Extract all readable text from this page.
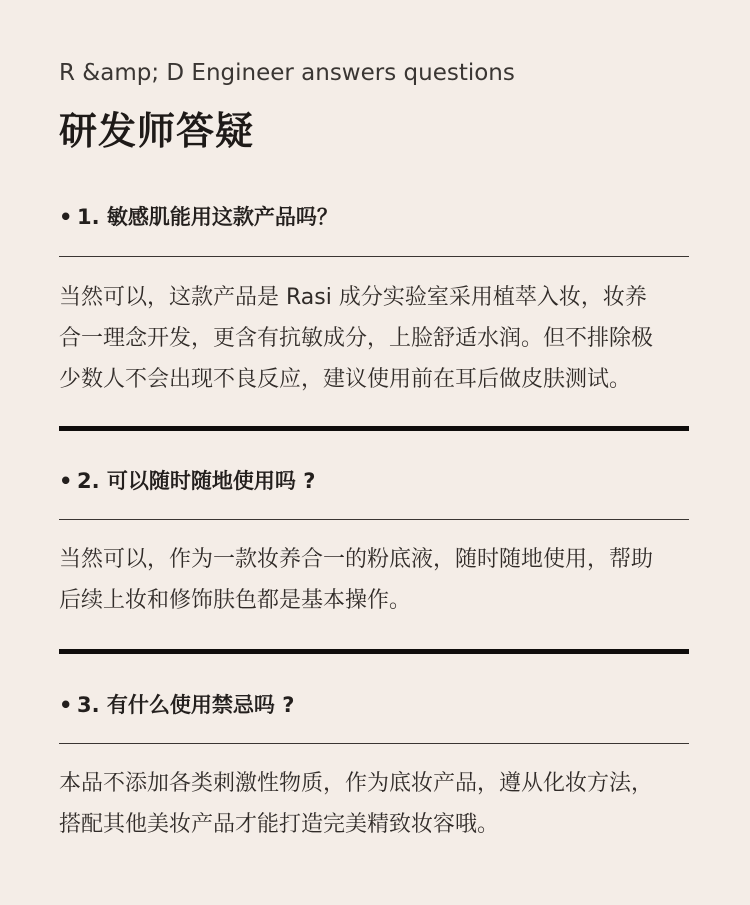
R &amp; D Engineer answers questions
研发师答疑
• 1. 敏感肌能用这款产品吗？
当然可以，这款产品是 Rasi 成分实验室采用植萃入妆，妆养
合一理念开发，更含有抗敏成分，上脸舒适水润。但不排除极
少数人不会出现不良反应，建议使用前在耳后做皮肤测试。
• 2. 可以随时随地使用吗 ?
当然可以，作为一款妆养合一的粉底液，随时随地使用，帮助
后续上妆和修饰肤色都是基本操作。
• 3. 有什么使用禁忌吗 ?
本品不添加各类刺激性物质，作为底妆产品，遵从化妆方法，
搭配其他美妆产品才能打造完美精致妆容哦。
